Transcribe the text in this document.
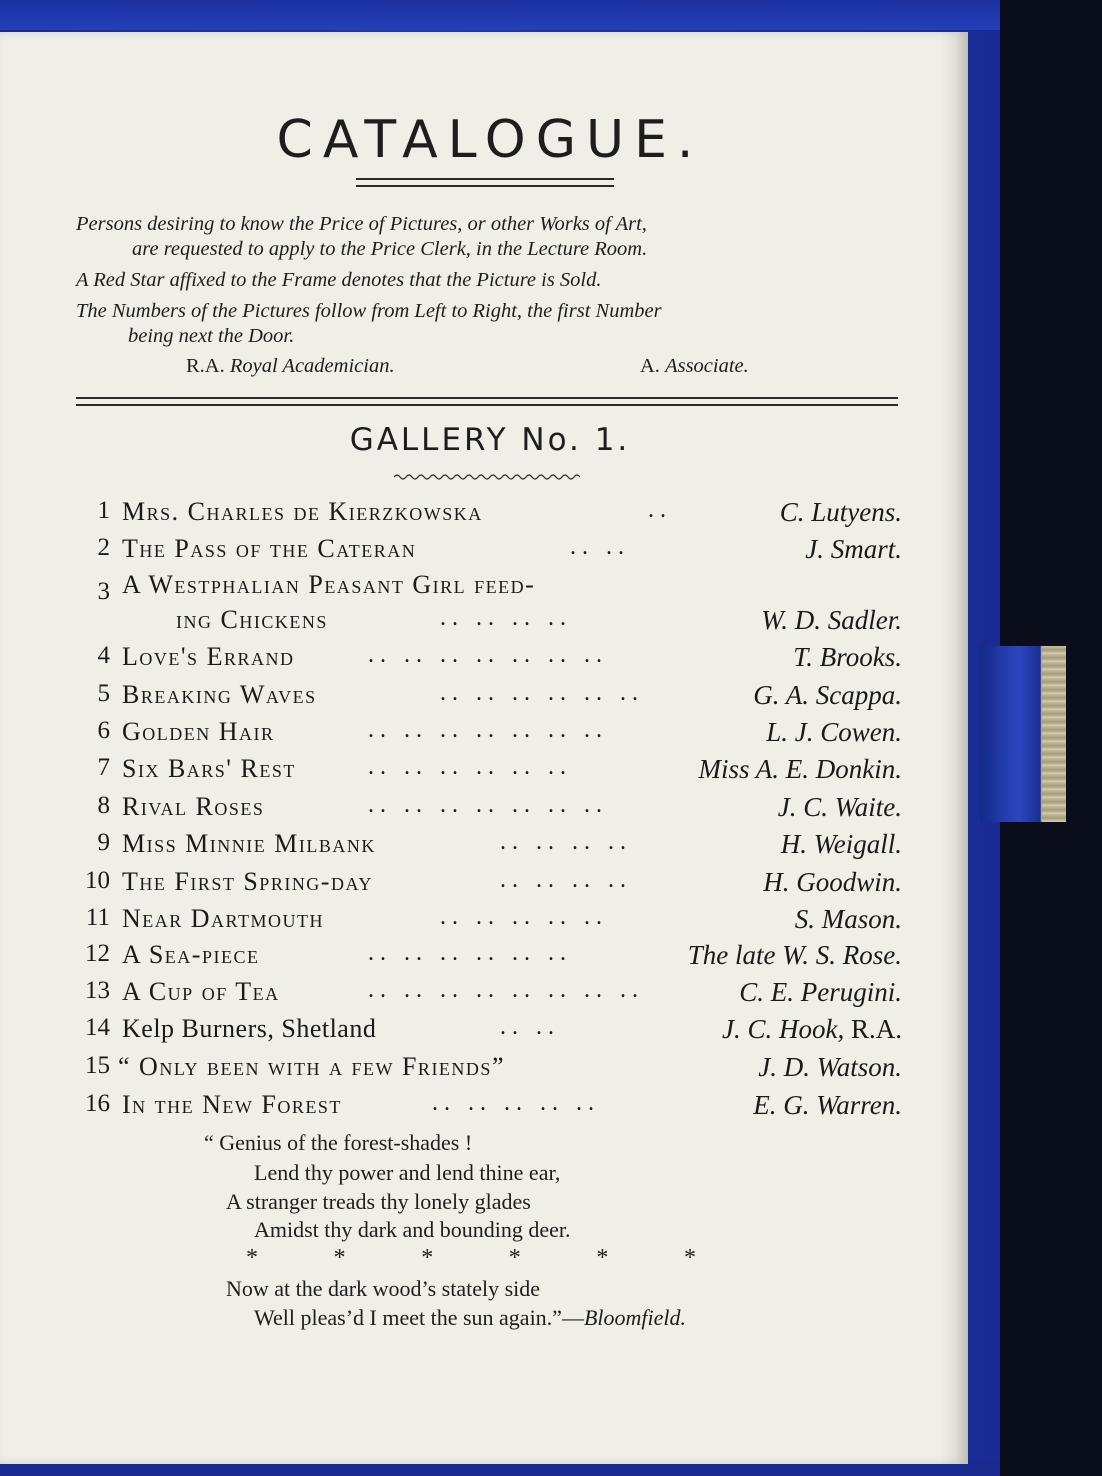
CATALOGUE.
Persons desiring to know the Price of Pictures, or other Works of Art,
are requested to apply to the Price Clerk, in the Lecture Room.
A Red Star affixed to the Frame denotes that the Picture is Sold.
The Numbers of the Pictures follow from Left to Right, the first Number
being next the Door.
R.A. Royal Academician.	A. Associate.
GALLERY No. 1.
1 Mrs. Charles de Kierzkowska	..	C. Lutyens.
2 The Pass of the Cateran	.. ..	J. Smart.
3 A Westphalian Peasant Girl feed-
ing Chickens	.. .. .. ..	W. D. Sadler.
4 Love's Errand	.. .. .. .. .. .. ..	T. Brooks.
5 Breaking Waves	.. .. .. .. .. ..	G. A. Scappa.
6 Golden Hair	.. .. .. .. .. .. ..	L. J. Cowen.
7 Six Bars' Rest	.. .. .. .. .. ..	Miss A. E. Donkin.
8 Rival Roses	.. .. .. .. .. .. ..	J. C. Waite.
9 Miss Minnie Milbank	.. .. .. ..	H. Weigall.
10 The First Spring-day	.. .. .. ..	H. Goodwin.
11 Near Dartmouth	.. .. .. .. ..	S. Mason.
12 A Sea-piece	.. .. .. .. .. ..	The late W. S. Rose.
13 A Cup of Tea	.. .. .. .. .. .. .. ..	C. E. Perugini.
14 Kelp Burners, Shetland	.. ..	J. C. Hook, R.A.
15 “ Only been with a few Friends”	J. D. Watson.
16 In the New Forest	.. .. .. .. ..	E. G. Warren.
“ Genius of the forest-shades !
Lend thy power and lend thine ear,
A stranger treads thy lonely glades
Amidst thy dark and bounding deer.
*	*	*	*	*	*
Now at the dark wood’s stately side
Well pleas’d I meet the sun again.”—Bloomfield.
